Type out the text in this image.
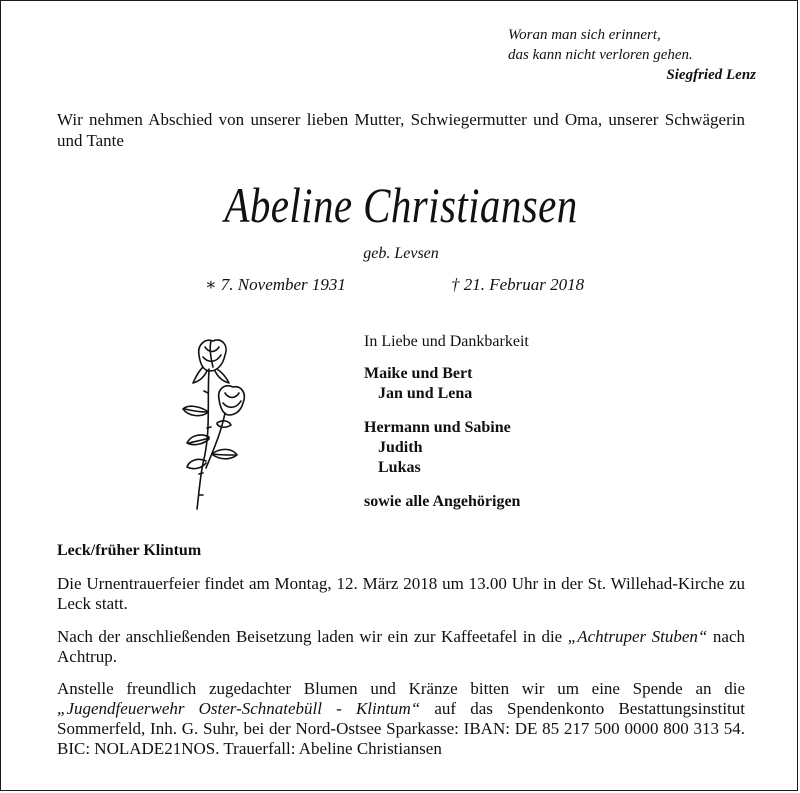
Woran man sich erinnert,
das kann nicht verloren gehen.
Siegfried Lenz
Wir nehmen Abschied von unserer lieben Mutter, Schwiegermutter und Oma, unserer Schwägerin und Tante
Abeline Christiansen
geb. Levsen
∗ 7. November 1931	† 21. Februar 2018
In Liebe und Dankbarkeit
Maike und Bert
Jan und Lena
Hermann und Sabine
Judith
Lukas
sowie alle Angehörigen
Leck/früher Klintum
Die Urnentrauerfeier findet am Montag, 12. März 2018 um 13.00 Uhr in der St. Willehad-Kirche zu Leck statt.
Nach der anschließenden Beisetzung laden wir ein zur Kaffeetafel in die „Achtruper Stuben“ nach Achtrup.
Anstelle freundlich zugedachter Blumen und Kränze bitten wir um eine Spende an die „Jugendfeuerwehr Oster-Schnatebüll - Klintum“ auf das Spendenkonto Bestattungsinstitut Sommerfeld, Inh. G. Suhr, bei der Nord-Ostsee Sparkasse: IBAN: DE 85 217 500 0000 800 313 54. BIC: NOLADE21NOS. Trauerfall: Abeline Christiansen
